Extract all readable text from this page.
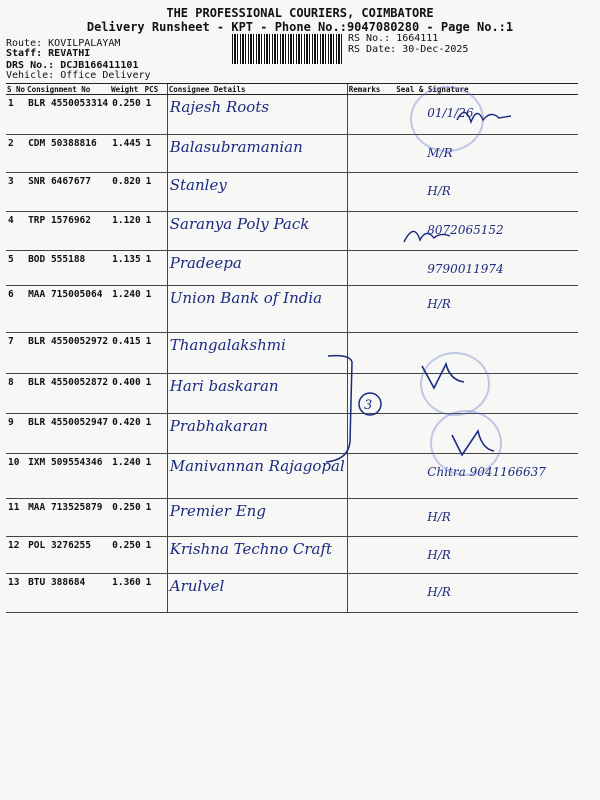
THE PROFESSIONAL COURIERS, COIMBATORE
Delivery Runsheet - KPT - Phone No.:9047080280 - Page No.:1
Route: KOVILPALAYAM
Staff: REVATHI
DRS No.: DCJB166411101
Vehicle: Office Delivery
RS No.: 1664111
RS Date: 30-Dec-2025
S No	Consignment No	Weight	PCS	Consignee Details	Remarks	Seal & Signature
1	BLR 4550053314	0.250	1	Rajesh Roots		01/1/26
2	CDM 50388816	1.445	1	Balasubramanian		M/R
3	SNR 6467677	0.820	1	Stanley		H/R
4	TRP 1576962	1.120	1	Saranya Poly Pack		8072065152
5	BOD 555188	1.135	1	Pradeepa		9790011974
6	MAA 715005064	1.240	1	Union Bank of India		H/R
7	BLR 4550052972	0.415	1	Thangalakshmi		
8	BLR 4550052872	0.400	1	Hari baskaran		
9	BLR 4550052947	0.420	1	Prabhakaran		
10	IXM 509554346	1.240	1	Manivannan Rajagopal		Chitra 9041166637
11	MAA 713525879	0.250	1	Premier Eng		H/R
12	POL 3276255	0.250	1	Krishna Techno Craft		H/R
13	BTU 388684	1.360	1	Arulvel		H/R
3
